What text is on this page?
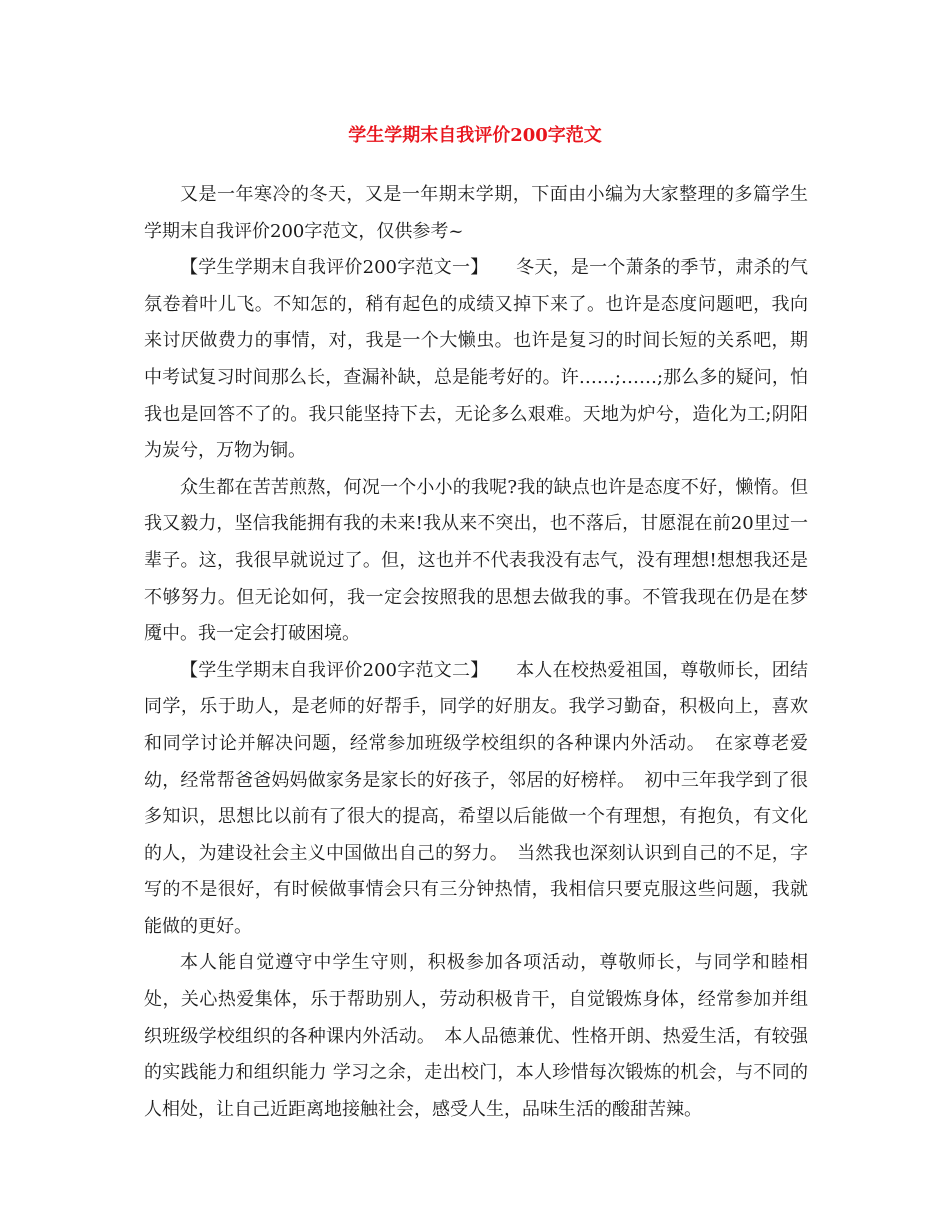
学生学期末自我评价200字范文

又是一年寒冷的冬天，又是一年期末学期，下面由小编为大家整理的多篇学生学期末自我评价200字范文，仅供参考~

【学生学期末自我评价200字范文一】　　冬天，是一个萧条的季节，肃杀的气氛卷着叶儿飞。不知怎的，稍有起色的成绩又掉下来了。也许是态度问题吧，我向来讨厌做费力的事情，对，我是一个大懒虫。也许是复习的时间长短的关系吧，期中考试复习时间那么长，查漏补缺，总是能考好的。许……;……;那么多的疑问，怕我也是回答不了的。我只能坚持下去，无论多么艰难。天地为炉兮，造化为工;阴阳为炭兮，万物为铜。

众生都在苦苦煎熬，何况一个小小的我呢?我的缺点也许是态度不好，懒惰。但我又毅力，坚信我能拥有我的未来!我从来不突出，也不落后，甘愿混在前20里过一辈子。这，我很早就说过了。但，这也并不代表我没有志气，没有理想!想想我还是不够努力。但无论如何，我一定会按照我的思想去做我的事。不管我现在仍是在梦魇中。我一定会打破困境。

【学生学期末自我评价200字范文二】　　本人在校热爱祖国，尊敬师长，团结同学，乐于助人，是老师的好帮手，同学的好朋友。我学习勤奋，积极向上，喜欢和同学讨论并解决问题，经常参加班级学校组织的各种课内外活动。　在家尊老爱幼，经常帮爸爸妈妈做家务是家长的好孩子，邻居的好榜样。　初中三年我学到了很多知识，思想比以前有了很大的提高，希望以后能做一个有理想，有抱负，有文化的人，为建设社会主义中国做出自己的努力。　当然我也深刻认识到自己的不足，字写的不是很好，有时候做事情会只有三分钟热情，我相信只要克服这些问题，我就能做的更好。

本人能自觉遵守中学生守则，积极参加各项活动，尊敬师长，与同学和睦相处，关心热爱集体，乐于帮助别人，劳动积极肯干，自觉锻炼身体，经常参加并组织班级学校组织的各种课内外活动。　本人品德兼优、性格开朗、热爱生活，有较强的实践能力和组织能力 学习之余，走出校门，本人珍惜每次锻炼的机会，与不同的人相处，让自己近距离地接触社会，感受人生，品味生活的酸甜苦辣。
